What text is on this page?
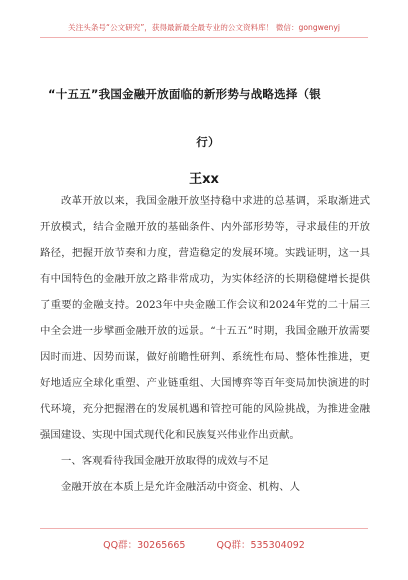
关注头条号“公文研究”，获得最新最全最专业的公文资料库！ 微信：gongwenyj
“十五五”我国金融开放面临的新形势与战略选择（银
行）
王xx

改革开放以来，我国金融开放坚持稳中求进的总基调，采取渐进式开放模式，结合金融开放的基础条件、内外部形势等，寻求最佳的开放路径，把握开放节奏和力度，营造稳定的发展环境。实践证明，这一具有中国特色的金融开放之路非常成功，为实体经济的长期稳健增长提供了重要的金融支持。2023年中央金融工作会议和2024年党的二十届三中全会进一步擘画金融开放的远景。“十五五”时期，我国金融开放需要因时而进、因势而谋，做好前瞻性研判、系统性布局、整体性推进，更好地适应全球化重塑、产业链重组、大国博弈等百年变局加快演进的时代环境，充分把握潜在的发展机遇和管控可能的风险挑战，为推进金融强国建设、实现中国式现代化和民族复兴伟业作出贡献。

一、客观看待我国金融开放取得的成效与不足

金融开放在本质上是允许金融活动中资金、机构、人

QQ群：30265665	QQ群：535304092
